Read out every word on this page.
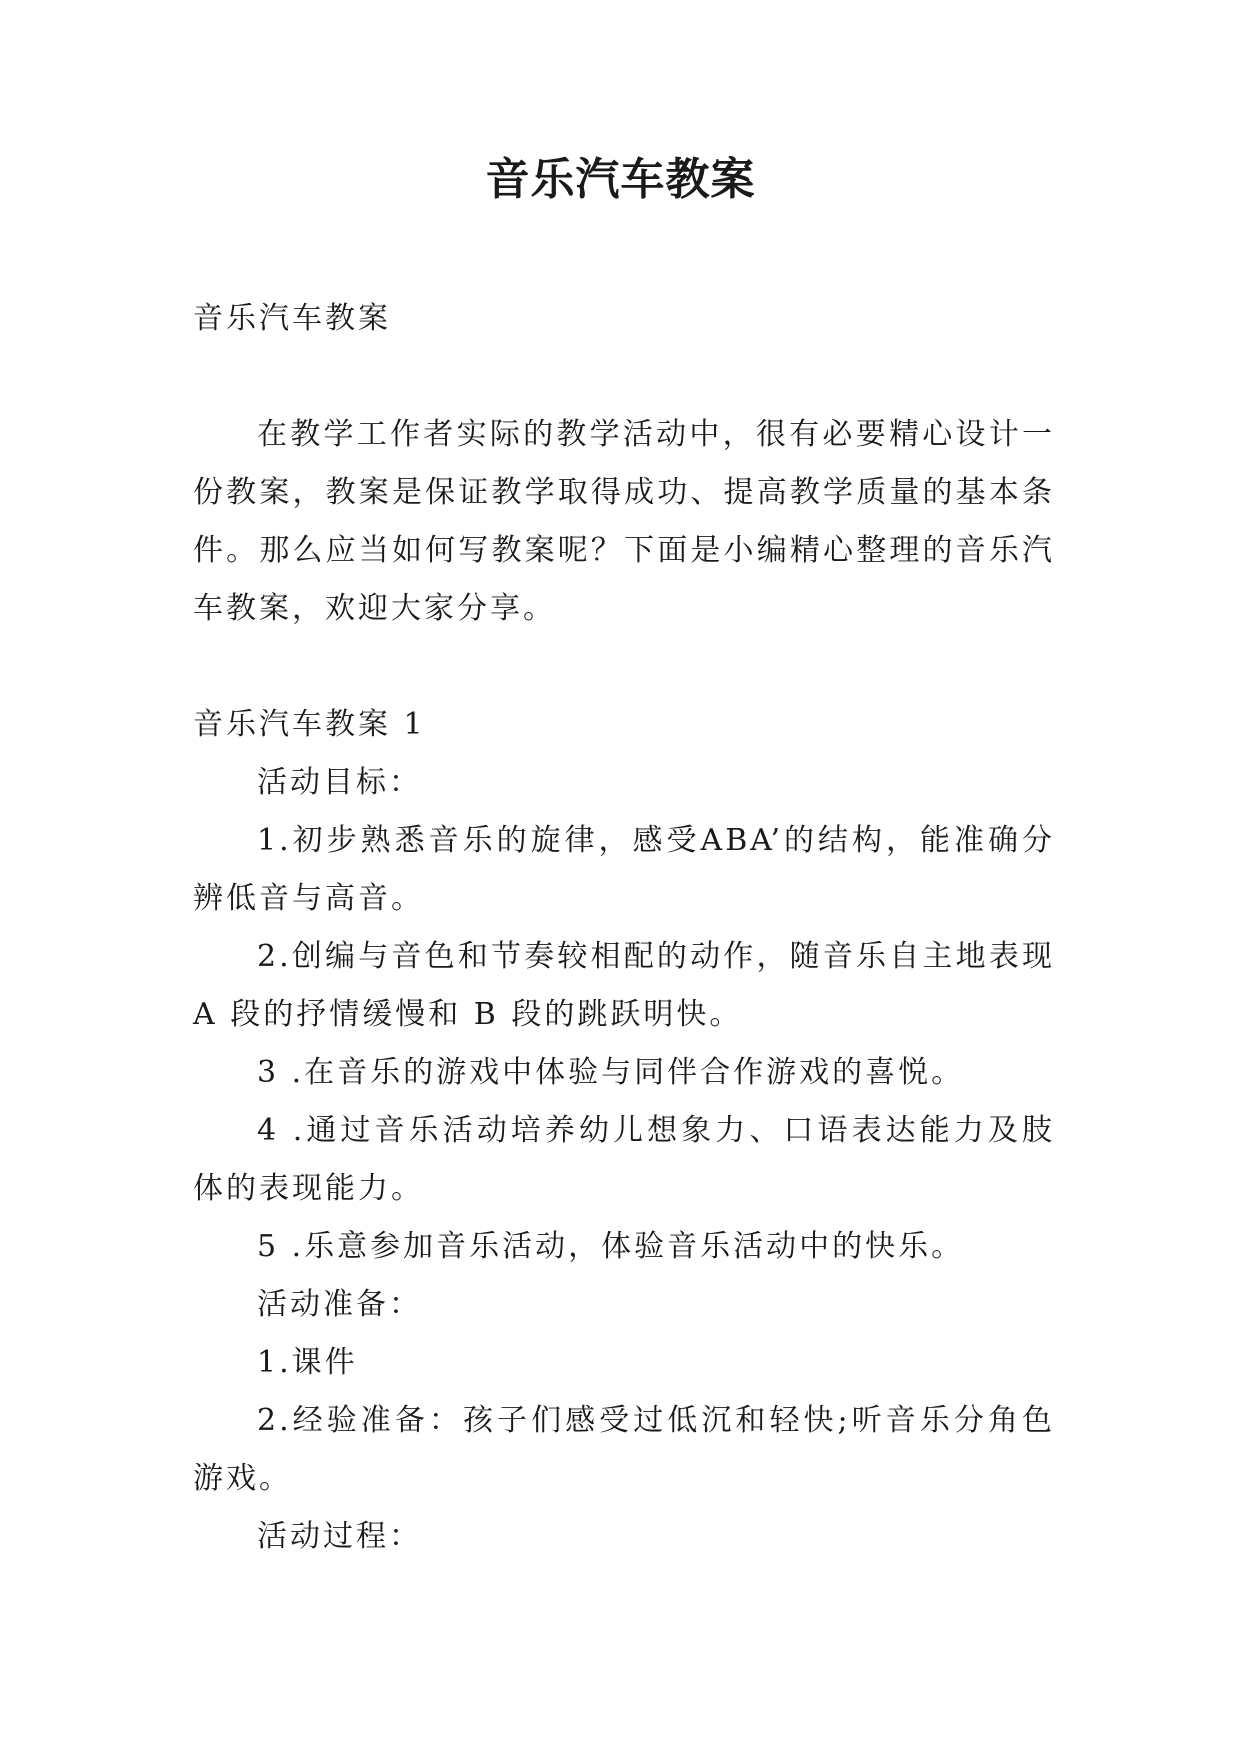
音乐汽车教案

音乐汽车教案

在教学工作者实际的教学活动中，很有必要精心设计一份教案，教案是保证教学取得成功、提高教学质量的基本条件。那么应当如何写教案呢？下面是小编精心整理的音乐汽车教案，欢迎大家分享。

音乐汽车教案 1

活动目标：

1.初步熟悉音乐的旋律，感受ABA’的结构，能准确分辨低音与高音。

2.创编与音色和节奏较相配的动作，随音乐自主地表现A 段的抒情缓慢和 B 段的跳跃明快。

3 .在音乐的游戏中体验与同伴合作游戏的喜悦。

4 .通过音乐活动培养幼儿想象力、口语表达能力及肢体的表现能力。

5 .乐意参加音乐活动，体验音乐活动中的快乐。

活动准备：

1.课件

2.经验准备：孩子们感受过低沉和轻快;听音乐分角色游戏。

活动过程：
